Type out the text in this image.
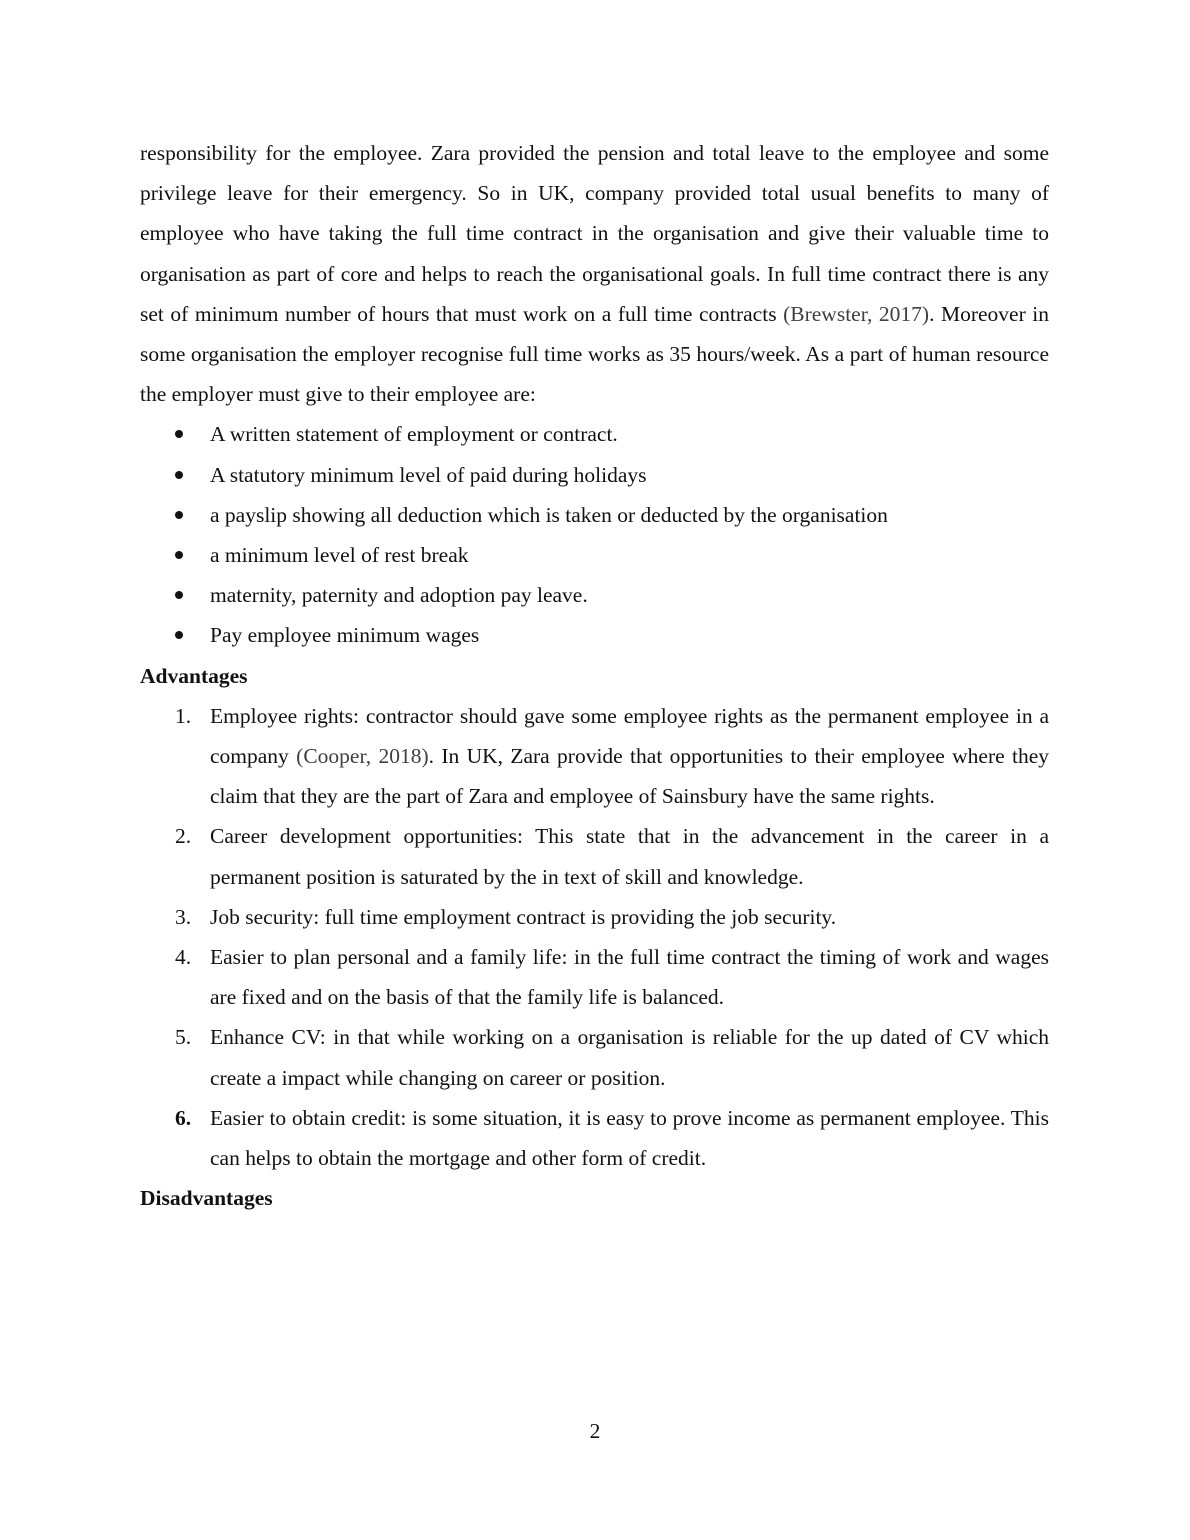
responsibility for the employee. Zara provided the pension and total leave to the employee and some privilege leave for their emergency. So in UK, company provided total usual benefits to many of employee who have taking the full time contract in the organisation and give their valuable time to organisation as part of core and helps to reach the organisational goals. In full time contract there is any set of minimum number of hours that must work on a full time contracts (Brewster, 2017). Moreover in some organisation the employer recognise full time works as 35 hours/week. As a part of human resource the employer must give to their employee are:

A written statement of employment or contract.
A statutory minimum level of paid during holidays
a payslip showing all deduction which is taken or deducted by the organisation
a minimum level of rest break
maternity, paternity and adoption pay leave.
Pay employee minimum wages
Advantages
1. Employee rights: contractor should gave some employee rights as the permanent employee in a company (Cooper, 2018). In UK, Zara provide that opportunities to their employee where they claim that they are the part of Zara and employee of Sainsbury have the same rights.
2. Career development opportunities: This state that in the advancement in the career in a permanent position is saturated by the in text of skill and knowledge.
3. Job security: full time employment contract is providing the job security.
4. Easier to plan personal and a family life: in the full time contract the timing of work and wages are fixed and on the basis of that the family life is balanced.
5. Enhance CV: in that while working on a organisation is reliable for the up dated of CV which create a impact while changing on career or position.
6. Easier to obtain credit: is some situation, it is easy to prove income as permanent employee. This can helps to obtain the mortgage and other form of credit.
Disadvantages
2
